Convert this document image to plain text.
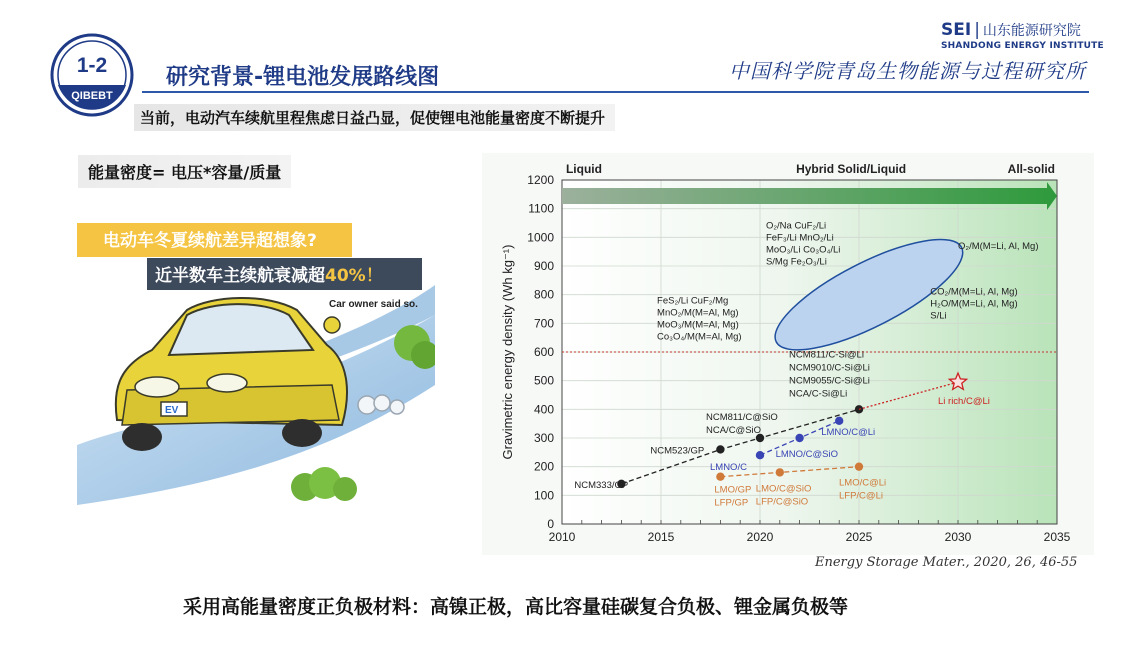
1-2
QIBEBT
研究背景-锂电池发展路线图
SEI | 山东能源研究院
SHANDONG ENERGY INSTITUTE
中国科学院青岛生物能源与过程研究所
当前，电动汽车续航里程焦虑日益凸显，促使锂电池能量密度不断提升
能量密度= 电压*容量/质量
电动车冬夏续航差异超想象?
近半数车主续航衰减超40%！
Car owner said so.
EV
0
100
200
300
400
500
600
700
800
900
1000
1100
1200
2010	2015	2020	2025	2030	2035
Gravimetric energy density (Wh kg⁻¹)
Liquid	Hybrid Solid/Liquid	All-solid
NCM333/GP
NCM523/GP
NCM811/C@SiO
NCA/C@SiO
NCM811/C-Si@Li
NCM9010/C-Si@Li
NCM9055/C-Si@Li
NCA/C-Si@Li
LMNO/C
LMNO/C@SiO
LMNO/C@Li
LMO/GP
LFP/GP
LMO/C@SiO
LFP/C@SiO
LMO/C@Li
LFP/C@Li
Li rich/C@Li
FeS₂/Li CuF₂/Mg
MnO₂/M(M=Al, Mg)
MoO₃/M(M=Al, Mg)
Co₃O₄/M(M=Al, Mg)
O₂/Na CuF₂/Li
FeF₃/Li MnO₂/Li
MoO₃/Li Co₃O₄/Li
S/Mg Fe₂O₃/Li
O₂/M(M=Li, Al, Mg)
CO₂/M(M=Li, Al, Mg)
H₂O/M(M=Li, Al, Mg)
S/Li
Energy Storage Mater., 2020, 26, 46-55
采用高能量密度正负极材料：高镍正极，高比容量硅碳复合负极、锂金属负极等
